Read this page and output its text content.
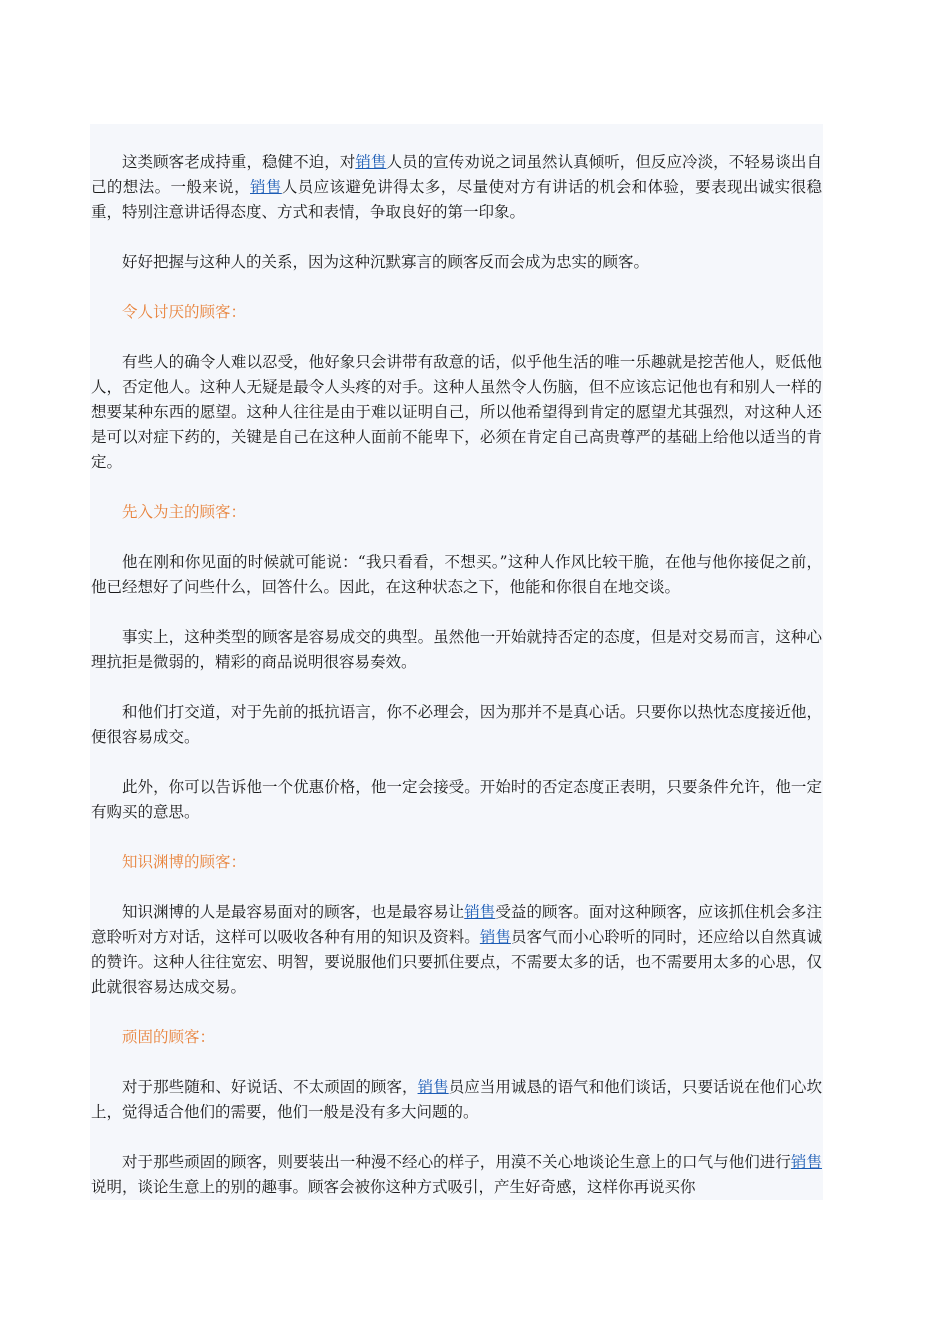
这类顾客老成持重，稳健不迫，对销售人员的宣传劝说之词虽然认真倾听，但反应冷淡，不轻易谈出自己的想法。一般来说，销售人员应该避免讲得太多，尽量使对方有讲话的机会和体验，要表现出诚实很稳重，特别注意讲话得态度、方式和表情，争取良好的第一印象。

好好把握与这种人的关系，因为这种沉默寡言的顾客反而会成为忠实的顾客。

令人讨厌的顾客：

有些人的确令人难以忍受，他好象只会讲带有敌意的话，似乎他生活的唯一乐趣就是挖苦他人，贬低他人，否定他人。这种人无疑是最令人头疼的对手。这种人虽然令人伤脑，但不应该忘记他也有和别人一样的想要某种东西的愿望。这种人往往是由于难以证明自己，所以他希望得到肯定的愿望尤其强烈，对这种人还是可以对症下药的，关键是自己在这种人面前不能卑下，必须在肯定自己高贵尊严的基础上给他以适当的肯定。

先入为主的顾客：

他在刚和你见面的时候就可能说：“我只看看，不想买。”这种人作风比较干脆，在他与他你接促之前，他已经想好了问些什么，回答什么。因此，在这种状态之下，他能和你很自在地交谈。

事实上，这种类型的顾客是容易成交的典型。虽然他一开始就持否定的态度，但是对交易而言，这种心理抗拒是微弱的，精彩的商品说明很容易奏效。

和他们打交道，对于先前的抵抗语言，你不必理会，因为那并不是真心话。只要你以热忱态度接近他，便很容易成交。

此外，你可以告诉他一个优惠价格，他一定会接受。开始时的否定态度正表明，只要条件允许，他一定有购买的意思。

知识渊博的顾客：

知识渊博的人是最容易面对的顾客，也是最容易让销售受益的顾客。面对这种顾客，应该抓住机会多注意聆听对方对话，这样可以吸收各种有用的知识及资料。销售员客气而小心聆听的同时，还应给以自然真诚的赞许。这种人往往宽宏、明智，要说服他们只要抓住要点，不需要太多的话，也不需要用太多的心思，仅此就很容易达成交易。

顽固的顾客：

对于那些随和、好说话、不太顽固的顾客，销售员应当用诚恳的语气和他们谈话，只要话说在他们心坎上，觉得适合他们的需要，他们一般是没有多大问题的。

对于那些顽固的顾客，则要装出一种漫不经心的样子，用漠不关心地谈论生意上的口气与他们进行销售说明，谈论生意上的别的趣事。顾客会被你这种方式吸引，产生好奇感，这样你再说买你
